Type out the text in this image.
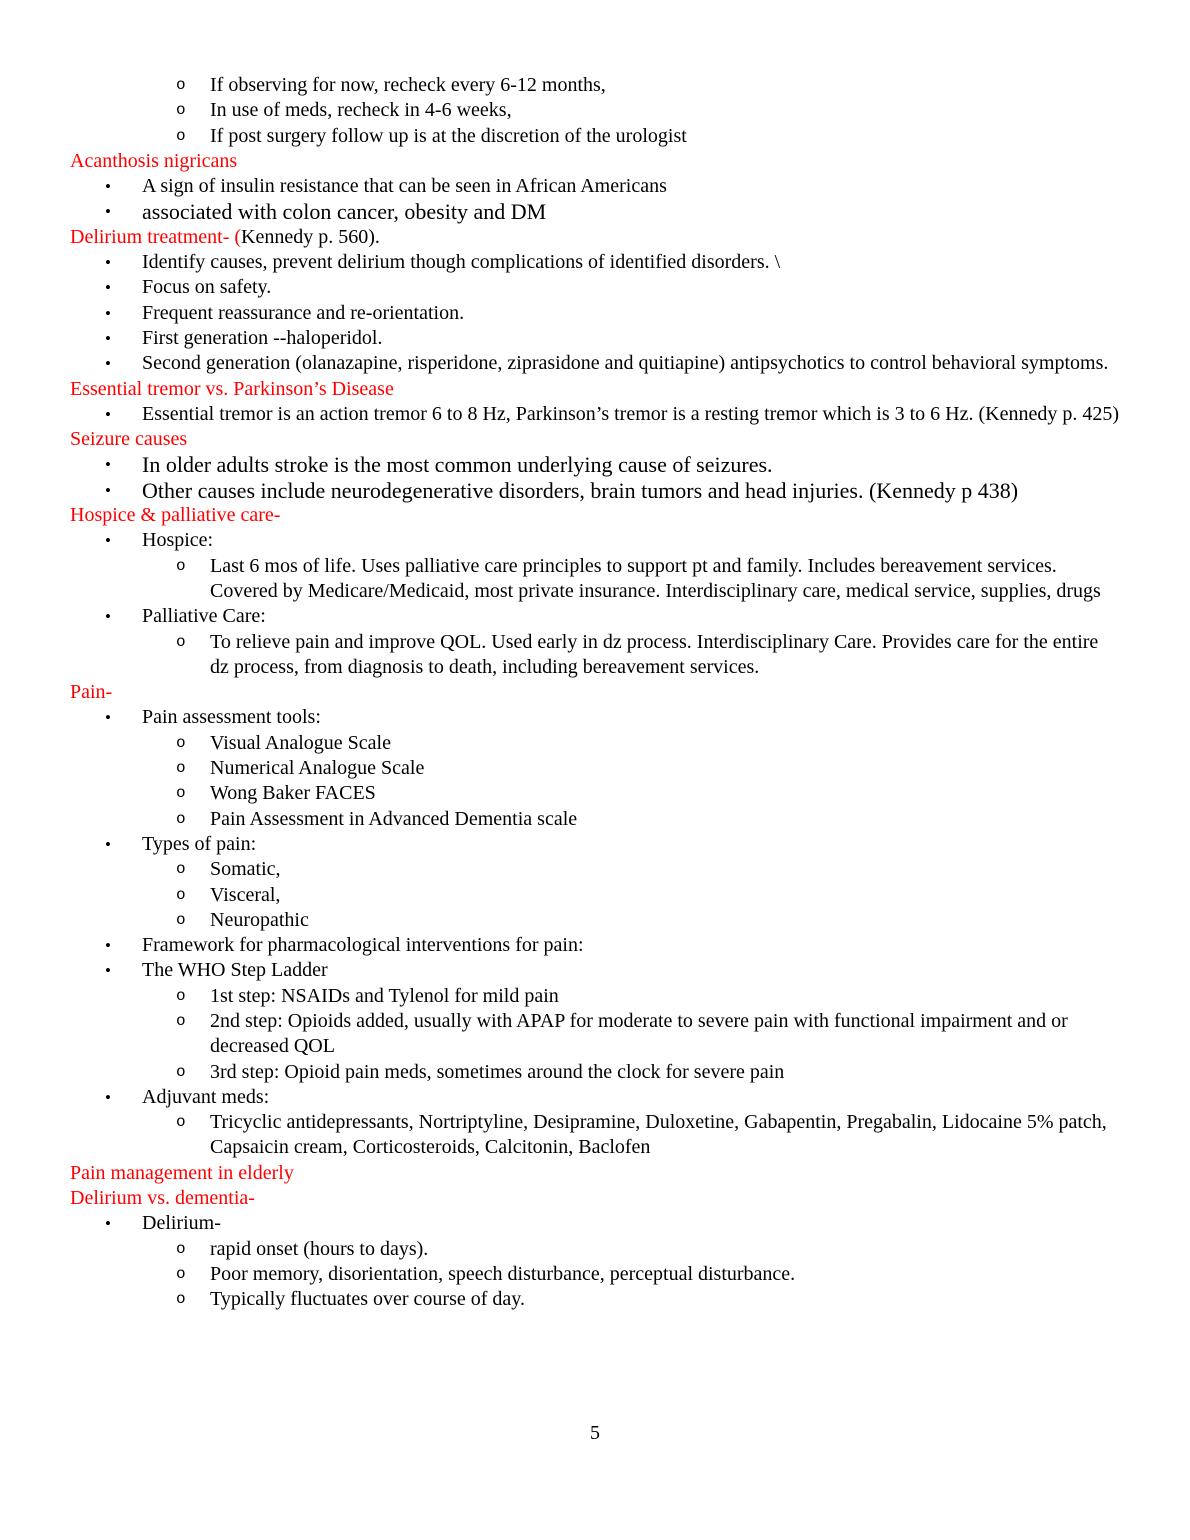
o	If observing for now, recheck every 6-12 months,
o	In use of meds, recheck in 4-6 weeks,
o	If post surgery follow up is at the discretion of the urologist
Acanthosis nigricans
•	A sign of insulin resistance that can be seen in African Americans
•	associated with colon cancer, obesity and DM
Delirium treatment- (Kennedy p. 560).
•	Identify causes, prevent delirium though complications of identified disorders. \
•	Focus on safety.
•	Frequent reassurance and re-orientation.
•	First generation --haloperidol.
•	Second generation (olanazapine, risperidone, ziprasidone and quitiapine) antipsychotics to control behavioral symptoms.
Essential tremor vs. Parkinson’s Disease
•	Essential tremor is an action tremor 6 to 8 Hz, Parkinson’s tremor is a resting tremor which is 3 to 6 Hz. (Kennedy p. 425)
Seizure causes
•	In older adults stroke is the most common underlying cause of seizures.
•	Other causes include neurodegenerative disorders, brain tumors and head injuries. (Kennedy p 438)
Hospice & palliative care-
•	Hospice:
o	Last 6 mos of life. Uses palliative care principles to support pt and family. Includes bereavement services. Covered by Medicare/Medicaid, most private insurance. Interdisciplinary care, medical service, supplies, drugs
•	Palliative Care:
o	To relieve pain and improve QOL. Used early in dz process. Interdisciplinary Care. Provides care for the entire dz process, from diagnosis to death, including bereavement services.
Pain-
•	Pain assessment tools:
o	Visual Analogue Scale
o	Numerical Analogue Scale
o	Wong Baker FACES
o	Pain Assessment in Advanced Dementia scale
•	Types of pain:
o	Somatic,
o	Visceral,
o	Neuropathic
•	Framework for pharmacological interventions for pain:
•	The WHO Step Ladder
o	1st step: NSAIDs and Tylenol for mild pain
o	2nd step: Opioids added, usually with APAP for moderate to severe pain with functional impairment and or decreased QOL
o	3rd step: Opioid pain meds, sometimes around the clock for severe pain
•	Adjuvant meds:
o	Tricyclic antidepressants, Nortriptyline, Desipramine, Duloxetine, Gabapentin, Pregabalin, Lidocaine 5% patch, Capsaicin cream, Corticosteroids, Calcitonin, Baclofen
Pain management in elderly
Delirium vs. dementia-
•	Delirium-
o	rapid onset (hours to days).
o	Poor memory, disorientation, speech disturbance, perceptual disturbance.
o	Typically fluctuates over course of day.
5
